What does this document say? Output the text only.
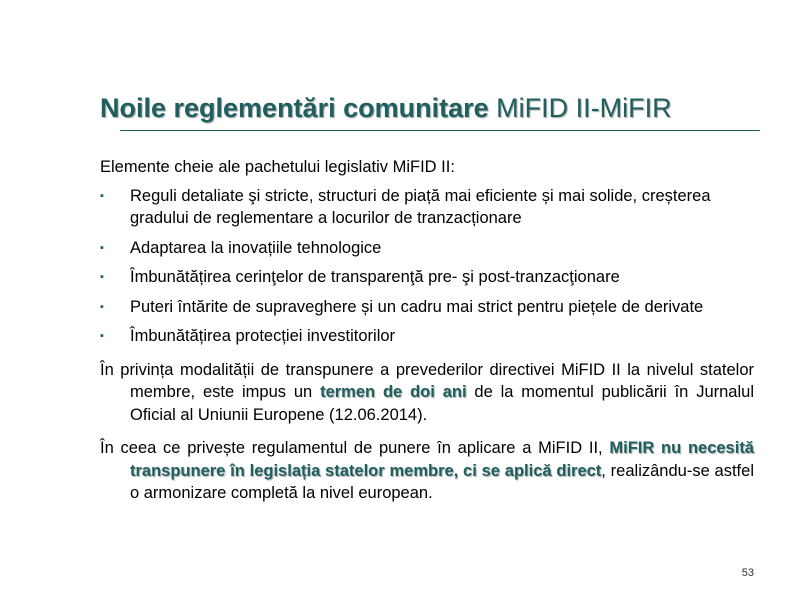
Noile reglementări comunitare MiFID II-MiFIR

Elemente cheie ale pachetului legislativ MiFID II:

▪	Reguli detaliate şi stricte, structuri de piață mai eficiente și mai solide, creșterea gradului de reglementare a locurilor de tranzacționare
▪	Adaptarea la inovațiile tehnologice
▪	Îmbunătățirea cerinţelor de transparenţă pre- şi post-tranzacţionare
▪	Puteri întărite de supraveghere și un cadru mai strict pentru piețele de derivate
▪	Îmbunătățirea protecției investitorilor

În privința modalității de transpunere a prevederilor directivei MiFID II la nivelul statelor membre, este impus un termen de doi ani de la momentul publicării în Jurnalul Oficial al Uniunii Europene (12.06.2014).

În ceea ce privește regulamentul de punere în aplicare a MiFID II, MiFIR nu necesită transpunere în legislația statelor membre, ci se aplică direct, realizându-se astfel o armonizare completă la nivel european.

53
